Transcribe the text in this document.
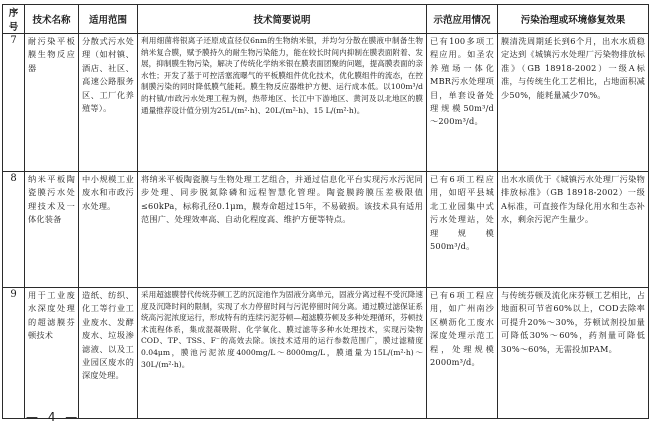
序号	技术名称	适用范围	技术简要说明	示范应用情况	污染治理或环境修复效果
7	耐污染平板膜生物反应器	分散式污水处理（如村镇、酒店、社区、高速公路服务区、工厂化养殖等）。	利用细菌将银离子还原成直径仅6nm的生物纳米银，并均匀分散在膜液中制备生物纳米复合膜，赋予膜持久的耐生物污染能力，能在较长时间内抑制在膜表面附着、发展，抑制膜生物污染，解决了传统化学纳米银在膜表面团聚的问题，提高膜表面的亲水性；开发了基于可控活塞流曝气的平板膜组件优化技术，优化膜组件的流态，在控制膜污染的同时降低膜气能耗。膜生物反应器维护方便、运行成本低。以100m³/d的村镇/市政污水处理工程为例，热带地区、长江中下游地区、黄河及以北地区的膜通量推荐设计值分别为25L/(m²·h)、20L/(m²·h)、15 L/(m²·h)。	已有100多项工程应用。如圣农养殖场一体化MBR污水处理项目，单套设备处理规模50m³/d～200m³/d。	膜清洗周期延长到6个月，出水水质稳定达到《城镇污水处理厂污染物排放标准》（GB 18918-2002）一级A标准，与传统生化工艺相比，占地面积减少50%，能耗量减少70%。
8	纳米平板陶瓷膜污水处理技术及一体化装备	中小规模工业废水和市政污水处理。	将纳米平板陶瓷膜与生物处理工艺组合，并通过信息化平台实现污水污泥同步处理、同步脱氮除磷和远程智慧化管理。陶瓷膜跨膜压差极限值≤60kPa，标称孔径0.1μm，膜寿命超过15年，不易破损。该技术具有适用范围广、处理效率高、自动化程度高、维护方便等特点。	已有6项工程应用，如昭平县城北工业园集中式污水处理站，处理规模500m³/d。	出水水质优于《城镇污水处理厂污染物排放标准》（GB 18918-2002）一级A标准，可直接作为绿化用水和生态补水，剩余污泥产生量少。
9	用于工业废水深度处理的超滤膜芬顿技术	造纸、纺织、化工等行业工业废水、发酵废水、垃圾渗滤液、以及工业园区废水的深度处理。	采用超滤膜替代传统芬顿工艺的沉淀池作为固液分离单元，固液分离过程不受沉降速度及沉降时间的限制，实现了水力停留时间与污泥停留时间分离。通过膜过滤保证系统高污泥浓度运行，形成特有的连续污泥芬顿—超滤膜芬顿及多种处理循环，芬顿技术流程体系，集成混凝吸附、化学氧化、膜过滤等多种水处理技术，实现污染物COD、TP、TSS、F⁻的高效去除。该技术适用的运行参数范围广，膜过滤精度0.04μm，膜池污泥浓度4000mg/L～8000mg/L，膜通量为15L/(m²·h)～30L/(m²·h)。	已有6项工程应用，如广州南沙区横沥化工废水深度处理示范工程，处理规模2000m³/d。	与传统芬顿及流化床芬顿工艺相比，占地面积可节省60%以上，COD去除率可提升20%～30%，芬顿试剂投加量可降低30%～60%，药剂量可降低30%～60%，无需投加PAM。
— 4 —
